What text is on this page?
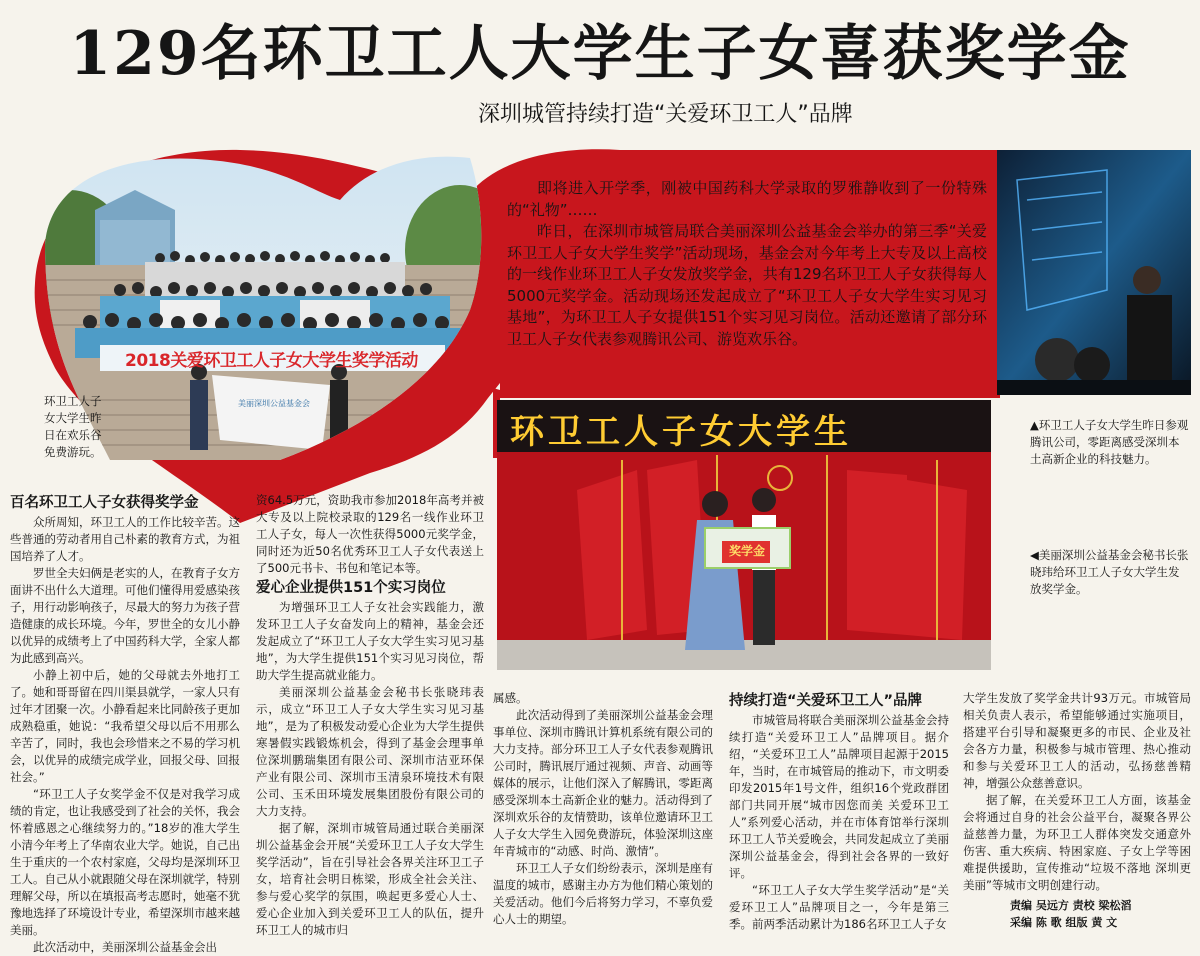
129名环卫工人大学生子女喜获奖学金
深圳城管持续打造“关爱环卫工人”品牌
2018关爱环卫工人子女大学生奖学活动
美丽深圳公益基金会
环卫工人子女大学生昨日在欢乐谷免费游玩。

即将进入开学季，刚被中国药科大学录取的罗雅静收到了一份特殊的“礼物”……

昨日，在深圳市城管局联合美丽深圳公益基金会举办的第三季“关爱环卫工人子女大学生奖学”活动现场，基金会对今年考上大专及以上高校的一线作业环卫工人子女发放奖学金，共有129名环卫工人子女获得每人5000元奖学金。活动现场还发起成立了“环卫工人子女大学生实习见习基地”，为环卫工人子女提供151个实习见习岗位。活动还邀请了部分环卫工人子女代表参观腾讯公司、游览欢乐谷。

▲环卫工人子女大学生昨日参观腾讯公司，零距离感受深圳本土高新企业的科技魅力。
环卫工人子女大学生
奖学金	◀美丽深圳公益基金会秘书长张晓玮给环卫工人子女大学生发放奖学金。

百名环卫工人子女获得奖学金

众所周知，环卫工人的工作比较辛苦。这些普通的劳动者用自己朴素的教育方式，为祖国培养了人才。

罗世全夫妇俩是老实的人，在教育子女方面讲不出什么大道理。可他们懂得用爱感染孩子，用行动影响孩子，尽最大的努力为孩子营造健康的成长环境。今年，罗世全的女儿小静以优异的成绩考上了中国药科大学，全家人都为此感到高兴。

小静上初中后，她的父母就去外地打工了。她和哥哥留在四川渠县就学，一家人只有过年才团聚一次。小静看起来比同龄孩子更加成熟稳重，她说：“我希望父母以后不用那么辛苦了，同时，我也会珍惜来之不易的学习机会，以优异的成绩完成学业，回报父母、回报社会。”

“环卫工人子女奖学金不仅是对我学习成绩的肯定，也让我感受到了社会的关怀，我会怀着感恩之心继续努力的。”18岁的准大学生小清今年考上了华南农业大学。她说，自己出生于重庆的一个农村家庭，父母均是深圳环卫工人。自己从小就跟随父母在深圳就学，特别理解父母，所以在填报高考志愿时，她毫不犹豫地选择了环境设计专业，希望深圳市越来越美丽。

此次活动中，美丽深圳公益基金会出

资64.5万元，资助我市参加2018年高考并被大专及以上院校录取的129名一线作业环卫工人子女，每人一次性获得5000元奖学金，同时还为近50名优秀环卫工人子女代表送上了500元书卡、书包和笔记本等。

爱心企业提供151个实习岗位

为增强环卫工人子女社会实践能力，激发环卫工人子女奋发向上的精神，基金会还发起成立了“环卫工人子女大学生实习见习基地”，为大学生提供151个实习见习岗位，帮助大学生提高就业能力。

美丽深圳公益基金会秘书长张晓玮表示，成立“环卫工人子女大学生实习见习基地”，是为了积极发动爱心企业为大学生提供寒暑假实践锻炼机会，得到了基金会理事单位深圳鹏瑞集团有限公司、深圳市洁亚环保产业有限公司、深圳市玉清泉环境技术有限公司、玉禾田环境发展集团股份有限公司的大力支持。

据了解，深圳市城管局通过联合美丽深圳公益基金会开展“关爱环卫工人子女大学生奖学活动”，旨在引导社会各界关注环卫工子女，培育社会明日栋梁，形成全社会关注、参与爱心奖学的氛围，唤起更多爱心人士、爱心企业加入到关爱环卫工人的队伍，提升环卫工人的城市归

属感。

此次活动得到了美丽深圳公益基金会理事单位、深圳市腾讯计算机系统有限公司的大力支持。部分环卫工人子女代表参观腾讯公司时，腾讯展厅通过视频、声音、动画等媒体的展示，让他们深入了解腾讯，零距离感受深圳本土高新企业的魅力。活动得到了深圳欢乐谷的友情赞助，该单位邀请环卫工人子女大学生入园免费游玩，体验深圳这座年青城市的“动感、时尚、激情”。

环卫工人子女们纷纷表示，深圳是座有温度的城市，感谢主办方为他们精心策划的关爱活动。他们今后将努力学习，不辜负爱心人士的期望。

持续打造“关爱环卫工人”品牌

市城管局将联合美丽深圳公益基金会持续打造“关爱环卫工人”品牌项目。据介绍，“关爱环卫工人”品牌项目起源于2015年，当时，在市城管局的推动下，市文明委印发2015年1号文件，组织16个党政群团部门共同开展“城市因您而美 关爱环卫工人”系列爱心活动，并在市体育馆举行深圳环卫工人节关爱晚会，共同发起成立了美丽深圳公益基金会，得到社会各界的一致好评。

“环卫工人子女大学生奖学活动”是“关爱环卫工人”品牌项目之一，今年是第三季。前两季活动累计为186名环卫工人子女

大学生发放了奖学金共计93万元。市城管局相关负责人表示，希望能够通过实施项目，搭建平台引导和凝聚更多的市民、企业及社会各方力量，积极参与城市管理、热心推动和参与关爱环卫工人的活动，弘扬慈善精神，增强公众慈善意识。

据了解，在关爱环卫工人方面，该基金会将通过自身的社会公益平台，凝聚各界公益慈善力量，为环卫工人群体突发交通意外伤害、重大疾病、特困家庭、子女上学等困难提供援助，宣传推动“垃圾不落地 深圳更美丽”等城市文明创建行动。

责编 吴远方 责校 梁松滔
采编 陈 歌 组版 黄 文
